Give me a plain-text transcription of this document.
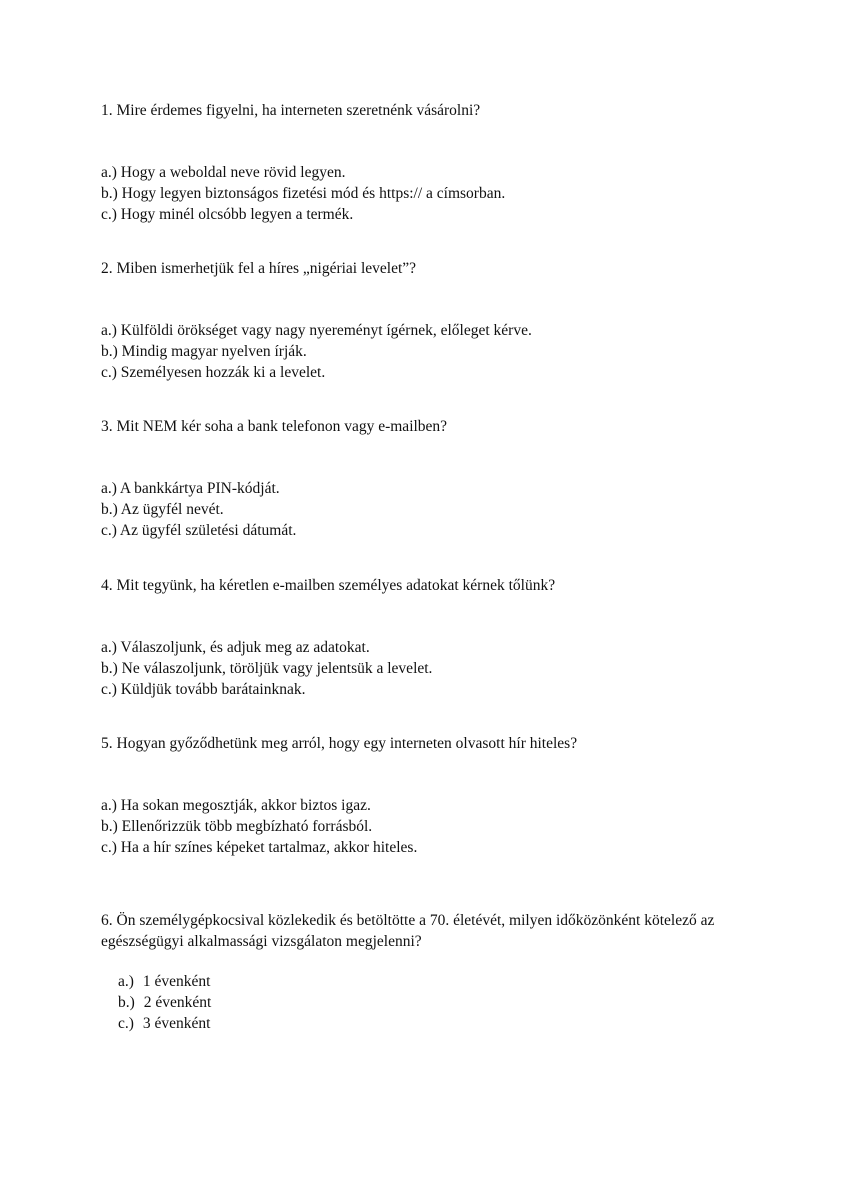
1. Mire érdemes figyelni, ha interneten szeretnénk vásárolni?

a.) Hogy a weboldal neve rövid legyen.
b.) Hogy legyen biztonságos fizetési mód és https:// a címsorban.
c.) Hogy minél olcsóbb legyen a termék.

2. Miben ismerhetjük fel a híres „nigériai levelet”?

a.) Külföldi örökséget vagy nagy nyereményt ígérnek, előleget kérve.
b.) Mindig magyar nyelven írják.
c.) Személyesen hozzák ki a levelet.

3. Mit NEM kér soha a bank telefonon vagy e-mailben?

a.) A bankkártya PIN-kódját.
b.) Az ügyfél nevét.
c.) Az ügyfél születési dátumát.

4. Mit tegyünk, ha kéretlen e-mailben személyes adatokat kérnek tőlünk?

a.) Válaszoljunk, és adjuk meg az adatokat.
b.) Ne válaszoljunk, töröljük vagy jelentsük a levelet.
c.) Küldjük tovább barátainknak.

5. Hogyan győződhetünk meg arról, hogy egy interneten olvasott hír hiteles?

a.) Ha sokan megosztják, akkor biztos igaz.
b.) Ellenőrizzük több megbízható forrásból.
c.) Ha a hír színes képeket tartalmaz, akkor hiteles.

6. Ön személygépkocsival közlekedik és betöltötte a 70. életévét, milyen időközönként kötelező az egészségügyi alkalmassági vizsgálaton megjelenni?

a.) 1 évenként
b.) 2 évenként
c.) 3 évenként
